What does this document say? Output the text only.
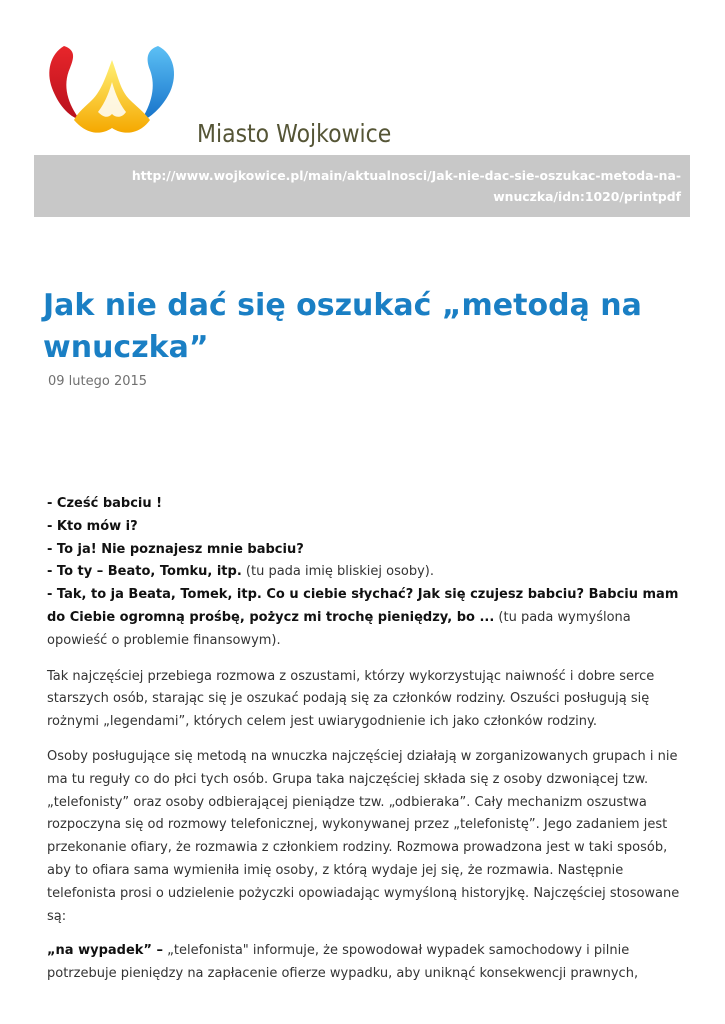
Miasto Wojkowice
http://www.wojkowice.pl/main/aktualnosci/Jak-nie-dac-sie-oszukac-metoda-na-wnuczka/idn:1020/printpdf
Jak nie dać się oszukać „metodą na wnuczka”
09 lutego 2015
- Cześć babciu !
- Kto mów i?
- To ja! Nie poznajesz mnie babciu?
- To ty – Beato, Tomku, itp. (tu pada imię bliskiej osoby).
- Tak, to ja Beata, Tomek, itp. Co u ciebie słychać? Jak się czujesz babciu? Babciu mam do Ciebie ogromną prośbę, pożycz mi trochę pieniędzy, bo ... (tu pada wymyślona opowieść o problemie finansowym).

Tak najczęściej przebiega rozmowa z oszustami, którzy wykorzystując naiwność i dobre serce starszych osób, starając się je oszukać podają się za członków rodziny. Oszuści posługują się rożnymi „legendami”, których celem jest uwiarygodnienie ich jako członków rodziny.

Osoby posługujące się metodą na wnuczka najczęściej działają w zorganizowanych grupach i nie ma tu reguły co do płci tych osób. Grupa taka najczęściej składa się z osoby dzwoniącej tzw. „telefonisty” oraz osoby odbierającej pieniądze tzw. „odbieraka”. Cały mechanizm oszustwa rozpoczyna się od rozmowy telefonicznej, wykonywanej przez „telefonistę”. Jego zadaniem jest przekonanie ofiary, że rozmawia z członkiem rodziny. Rozmowa prowadzona jest w taki sposób, aby to ofiara sama wymieniła imię osoby, z którą wydaje jej się, że rozmawia. Następnie telefonista prosi o udzielenie pożyczki opowiadając wymyśloną historyjkę. Najczęściej stosowane są:

„na wypadek” – „telefonista" informuje, że spowodował wypadek samochodowy i pilnie potrzebuje pieniędzy na zapłacenie ofierze wypadku, aby uniknąć konsekwencji prawnych,
